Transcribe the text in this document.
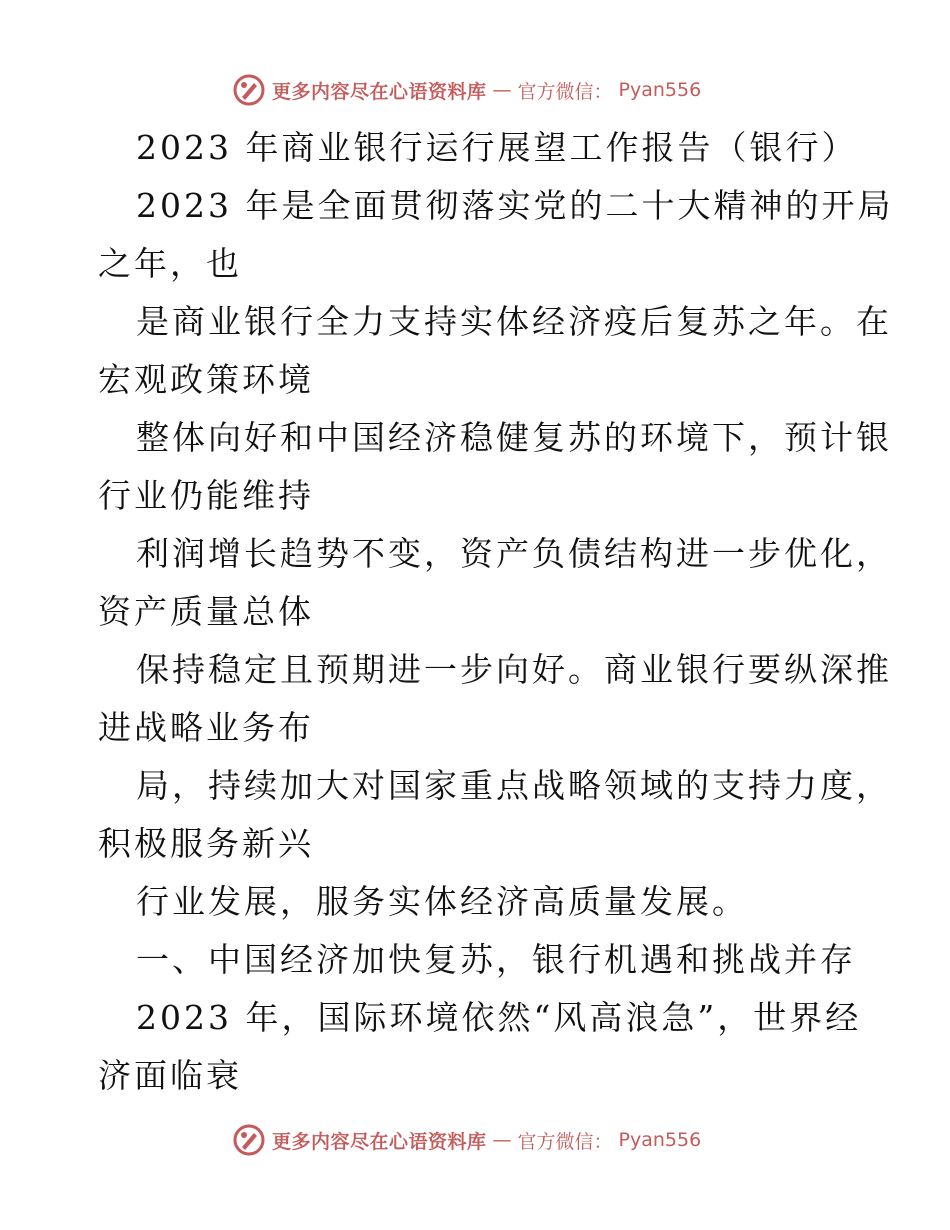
更多内容尽在心语资料库 — 官方微信： Pyan556
2023 年商业银行运行展望工作报告（银行）
2023 年是全面贯彻落实党的二十大精神的开局
之年，也
是商业银行全力支持实体经济疫后复苏之年。在
宏观政策环境
整体向好和中国经济稳健复苏的环境下，预计银
行业仍能维持
利润增长趋势不变，资产负债结构进一步优化，
资产质量总体
保持稳定且预期进一步向好。商业银行要纵深推
进战略业务布
局，持续加大对国家重点战略领域的支持力度，
积极服务新兴
行业发展，服务实体经济高质量发展。
一、中国经济加快复苏，银行机遇和挑战并存
2023 年，国际环境依然“风高浪急”，世界经
济面临衰
更多内容尽在心语资料库 — 官方微信： Pyan556
